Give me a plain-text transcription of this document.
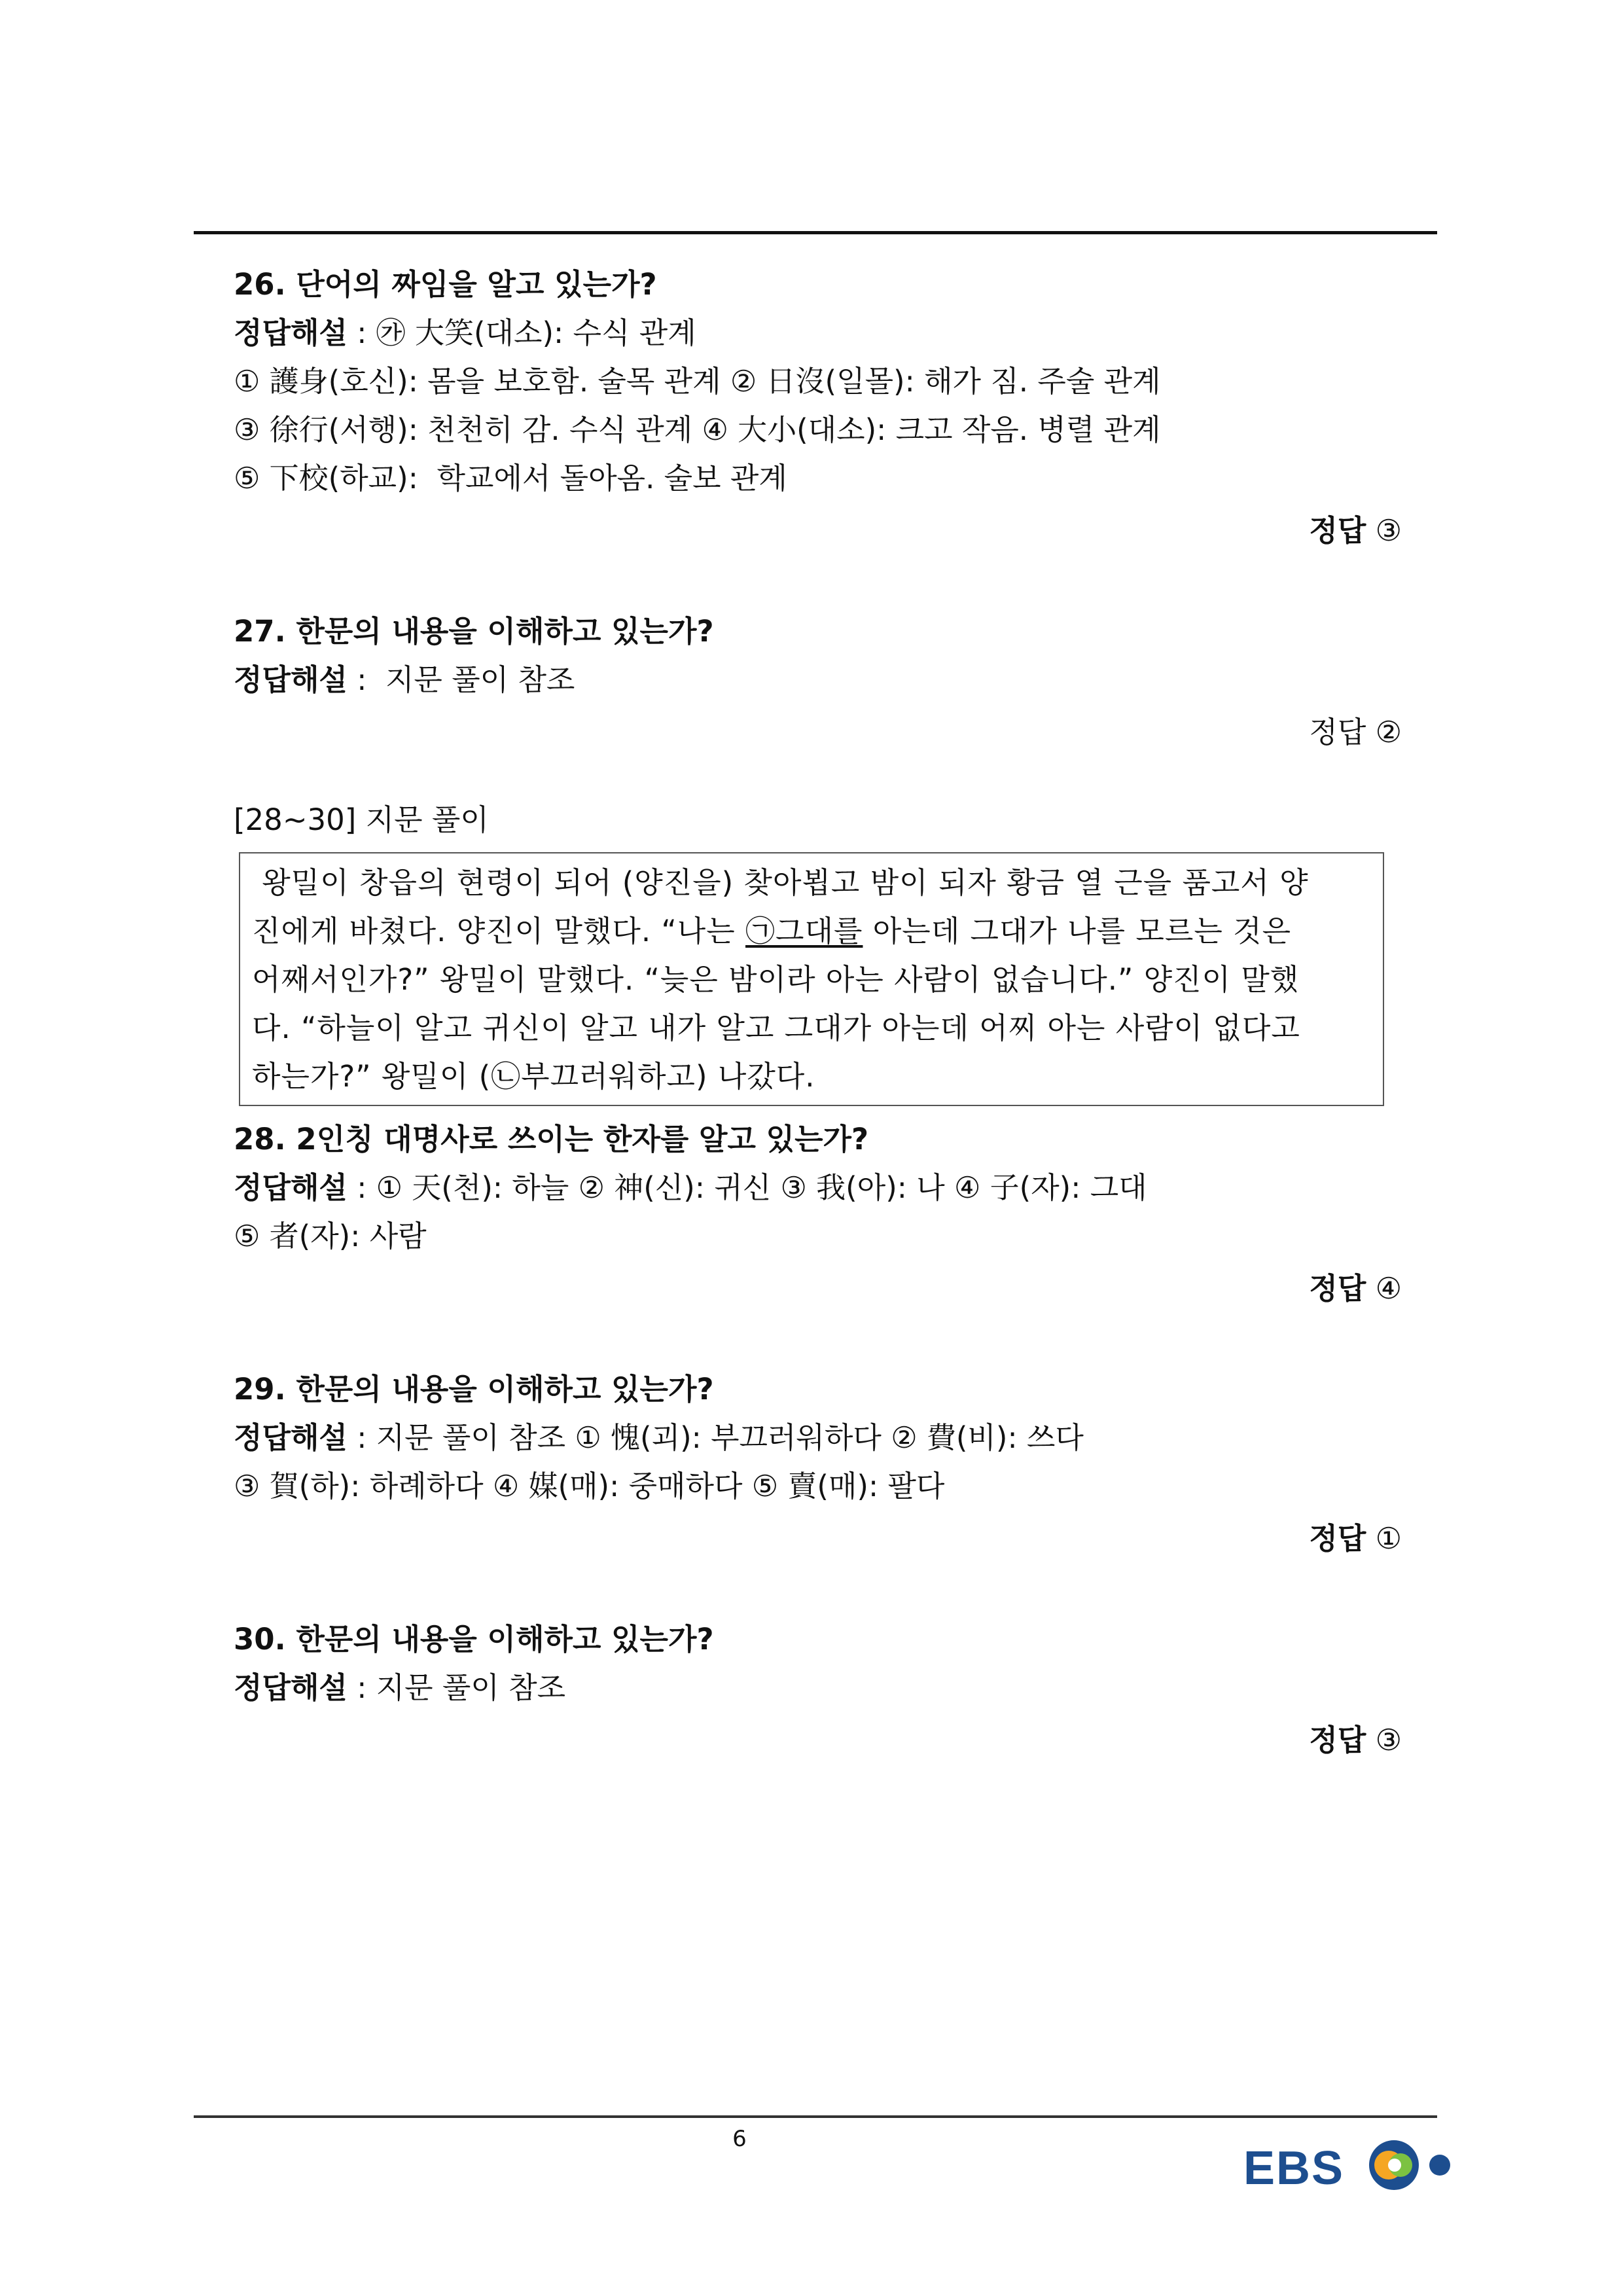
26. 단어의 짜임을 알고 있는가?
정답해설 : ㉮ 大笑(대소): 수식 관계
① 護身(호신): 몸을 보호함. 술목 관계 ② 日沒(일몰): 해가 짐. 주술 관계
③ 徐行(서행): 천천히 감. 수식 관계 ④ 大小(대소): 크고 작음. 병렬 관계
⑤ 下校(하교):  학교에서 돌아옴. 술보 관계
정답 ③
27. 한문의 내용을 이해하고 있는가?
정답해설 :  지문 풀이 참조
정답 ②
[28~30] 지문 풀이
왕밀이 창읍의 현령이 되어 (양진을) 찾아뵙고 밤이 되자 황금 열 근을 품고서 양
진에게 바쳤다. 양진이 말했다. “나는 ㉠그대를 아는데 그대가 나를 모르는 것은
어째서인가?” 왕밀이 말했다. “늦은 밤이라 아는 사람이 없습니다.” 양진이 말했
다. “하늘이 알고 귀신이 알고 내가 알고 그대가 아는데 어찌 아는 사람이 없다고
하는가?” 왕밀이 (㉡부끄러워하고) 나갔다.
28. 2인칭 대명사로 쓰이는 한자를 알고 있는가?
정답해설 : ① 天(천): 하늘 ② 神(신): 귀신 ③ 我(아): 나 ④ 子(자): 그대
⑤ 者(자): 사람
정답 ④
29. 한문의 내용을 이해하고 있는가?
정답해설 : 지문 풀이 참조 ① 愧(괴): 부끄러워하다 ② 費(비): 쓰다
③ 賀(하): 하례하다 ④ 媒(매): 중매하다 ⑤ 賣(매): 팔다
정답 ①
30. 한문의 내용을 이해하고 있는가?
정답해설 : 지문 풀이 참조
정답 ③
6
EBS
